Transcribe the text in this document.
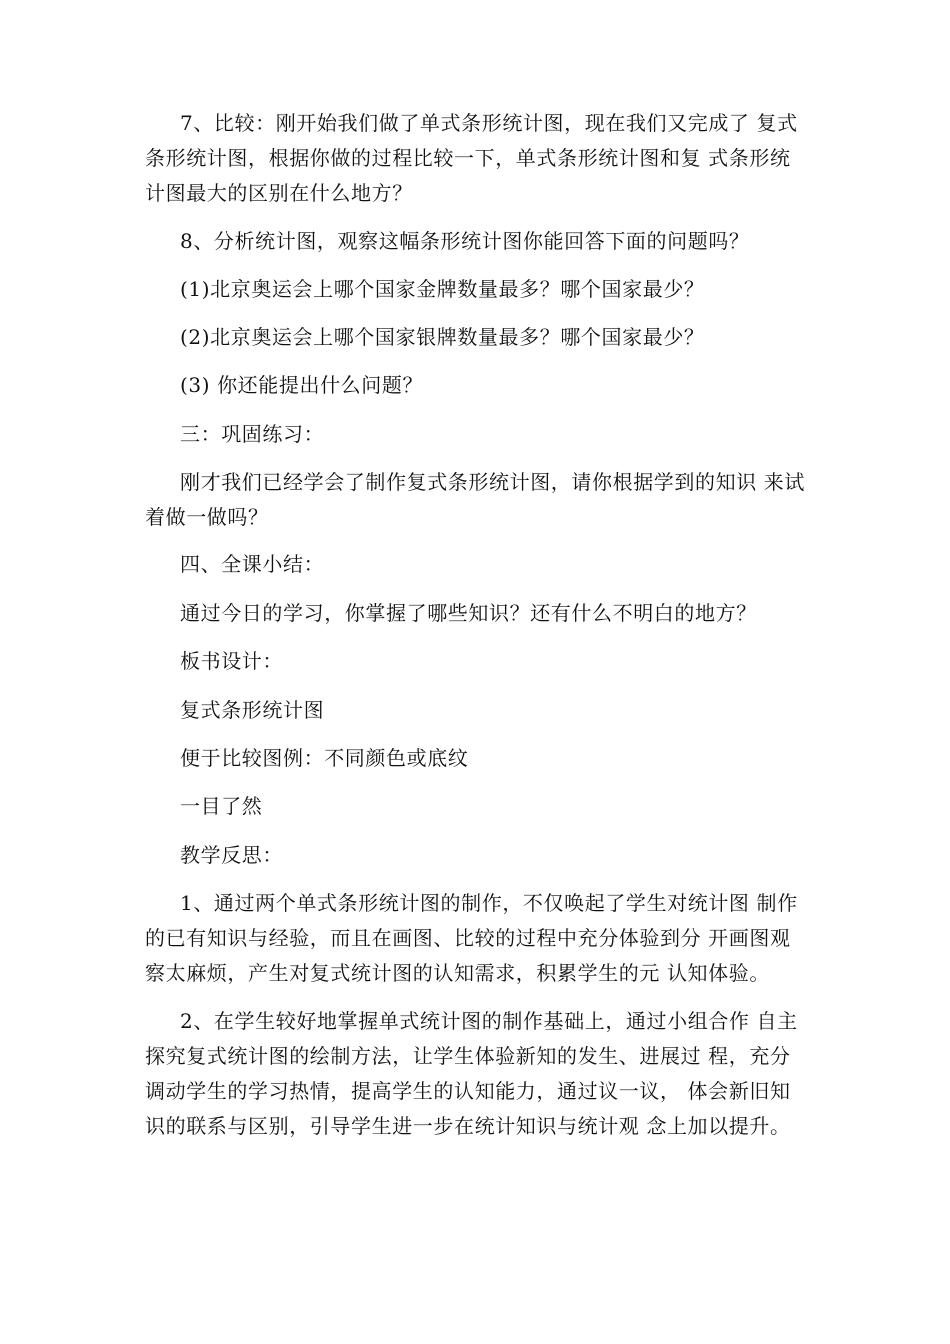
7、比较：刚开始我们做了单式条形统计图，现在我们又完成了 复式
条形统计图，根据你做的过程比较一下，单式条形统计图和复 式条形统
计图最大的区别在什么地方？
8、分析统计图，观察这幅条形统计图你能回答下面的问题吗？
(1)北京奥运会上哪个国家金牌数量最多？哪个国家最少？
(2)北京奥运会上哪个国家银牌数量最多？哪个国家最少？
(3) 你还能提出什么问题？
三：巩固练习：
刚才我们已经学会了制作复式条形统计图，请你根据学到的知识 来试
着做一做吗？
四、全课小结：
通过今日的学习，你掌握了哪些知识？还有什么不明白的地方？
板书设计：
复式条形统计图
便于比较图例：不同颜色或底纹
一目了然
教学反思：
1、通过两个单式条形统计图的制作，不仅唤起了学生对统计图 制作
的已有知识与经验，而且在画图、比较的过程中充分体验到分 开画图观
察太麻烦，产生对复式统计图的认知需求，积累学生的元 认知体验。
2、在学生较好地掌握单式统计图的制作基础上，通过小组合作 自主
探究复式统计图的绘制方法，让学生体验新知的发生、进展过 程，充分
调动学生的学习热情，提高学生的认知能力，通过议一议， 体会新旧知
识的联系与区别，引导学生进一步在统计知识与统计观 念上加以提升。
